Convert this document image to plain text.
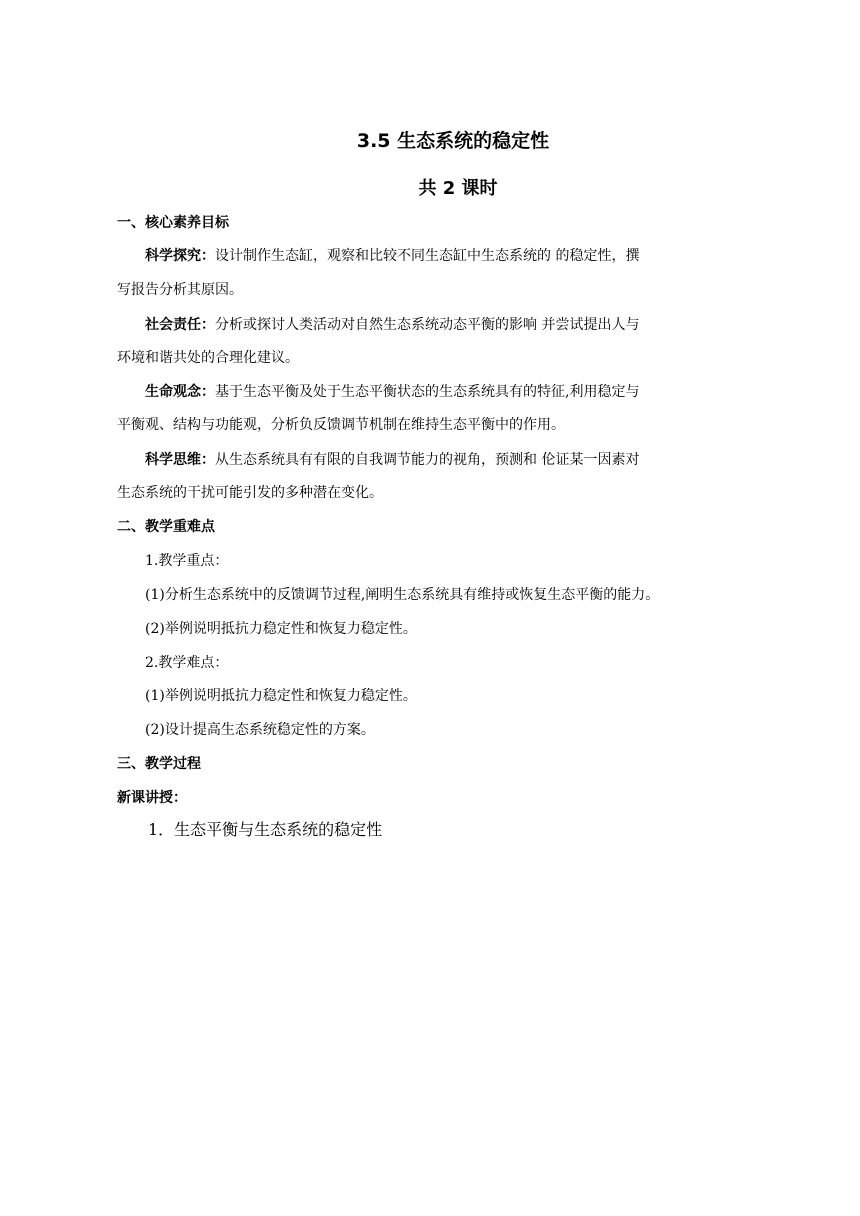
3.5 生态系统的稳定性
共 2 课时
一、核心素养目标
科学探究：设计制作生态缸，观察和比较不同生态缸中生态系统的 的稳定性，撰
写报告分析其原因。
社会责任：分析或探讨人类活动对自然生态系统动态平衡的影响 并尝试提出人与
环境和谐共处的合理化建议。
生命观念：基于生态平衡及处于生态平衡状态的生态系统具有的特征,利用稳定与
平衡观、结构与功能观，分析负反馈调节机制在维持生态平衡中的作用。
科学思维：从生态系统具有有限的自我调节能力的视角，预测和 伦证某一因素对
生态系统的干扰可能引发的多种潜在变化。
二、教学重难点
1.教学重点：
(1)分析生态系统中的反馈调节过程,阐明生态系统具有维持或恢复生态平衡的能力。
(2)举例说明抵抗力稳定性和恢复力稳定性。
2.教学难点：
(1)举例说明抵抗力稳定性和恢复力稳定性。
(2)设计提高生态系统稳定性的方案。
三、教学过程
新课讲授：
1．生态平衡与生态系统的稳定性
